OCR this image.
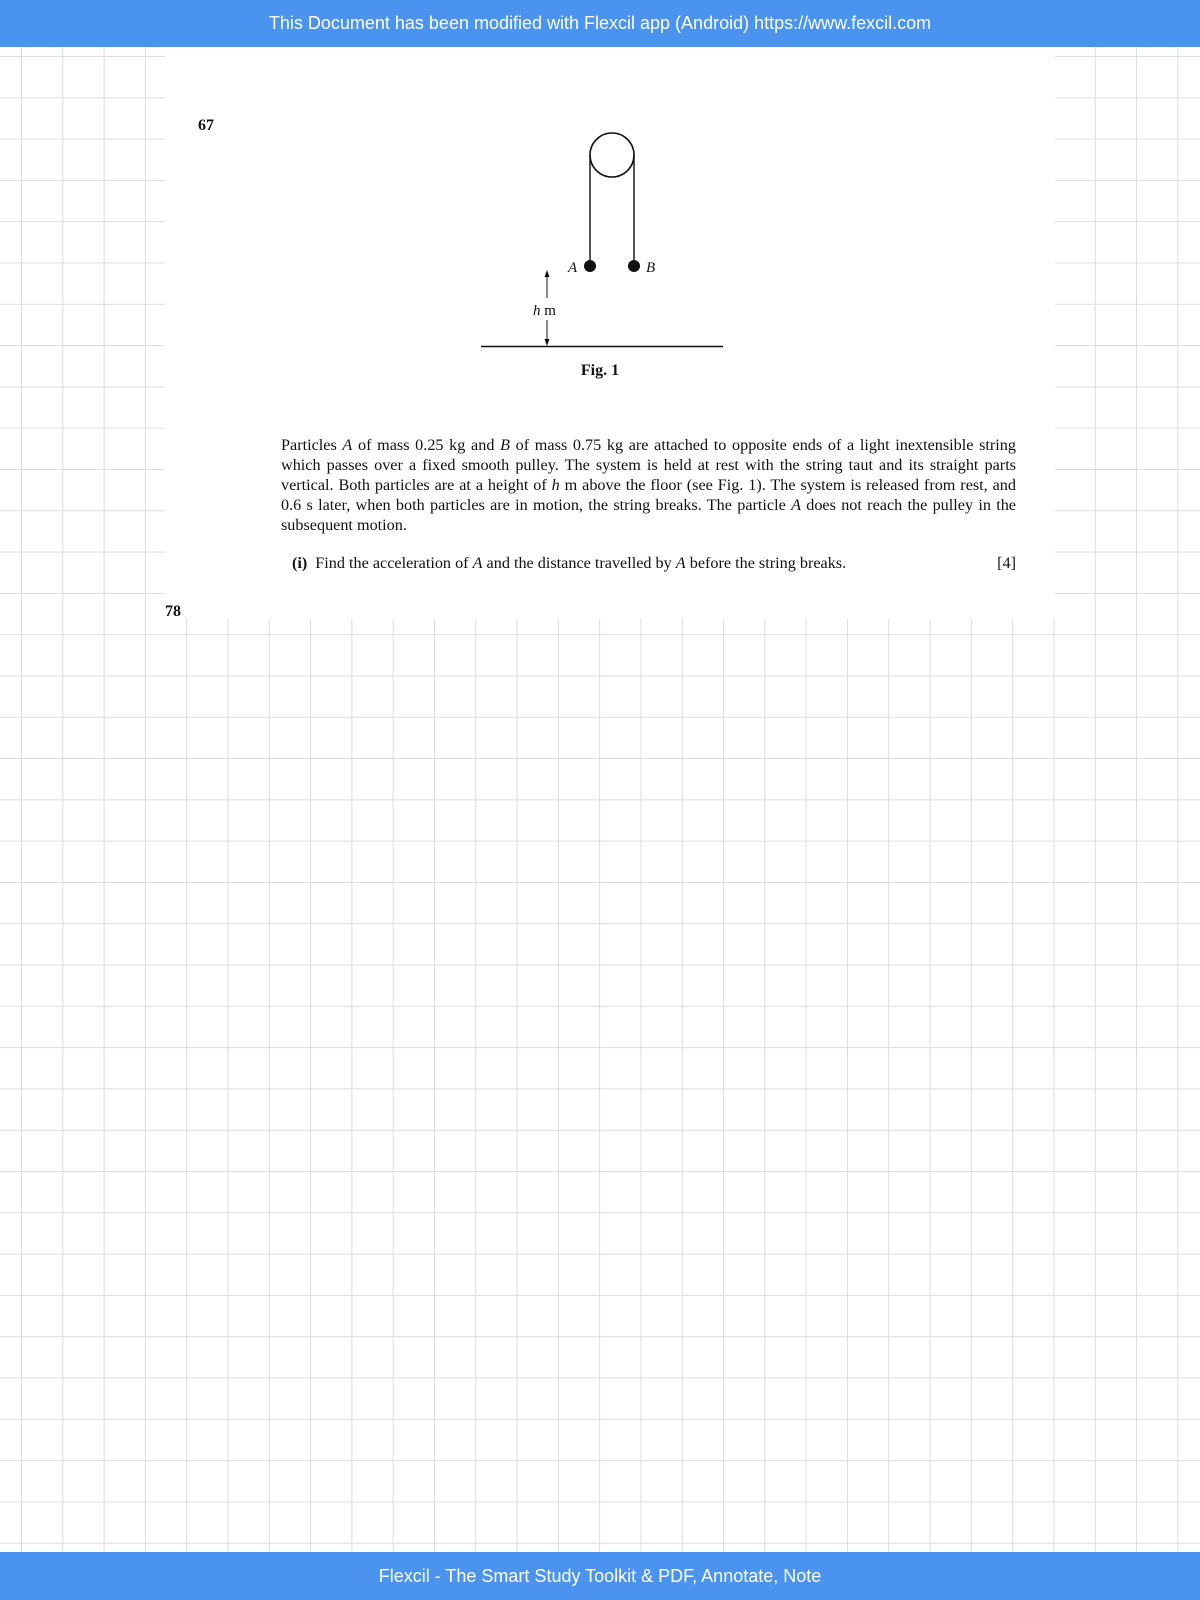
This Document has been modified with Flexcil app (Android) https://www.fexcil.com
67
A	B
h m
Fig. 1
Particles A of mass 0.25 kg and B of mass 0.75 kg are attached to opposite ends of a light inextensible string which passes over a fixed smooth pulley. The system is held at rest with the string taut and its straight parts vertical. Both particles are at a height of h m above the floor (see Fig. 1). The system is released from rest, and 0.6 s later, when both particles are in motion, the string breaks. The particle A does not reach the pulley in the subsequent motion.
(i) Find the acceleration of A and the distance travelled by A before the string breaks.	[4]
78
Flexcil - The Smart Study Toolkit & PDF, Annotate, Note
